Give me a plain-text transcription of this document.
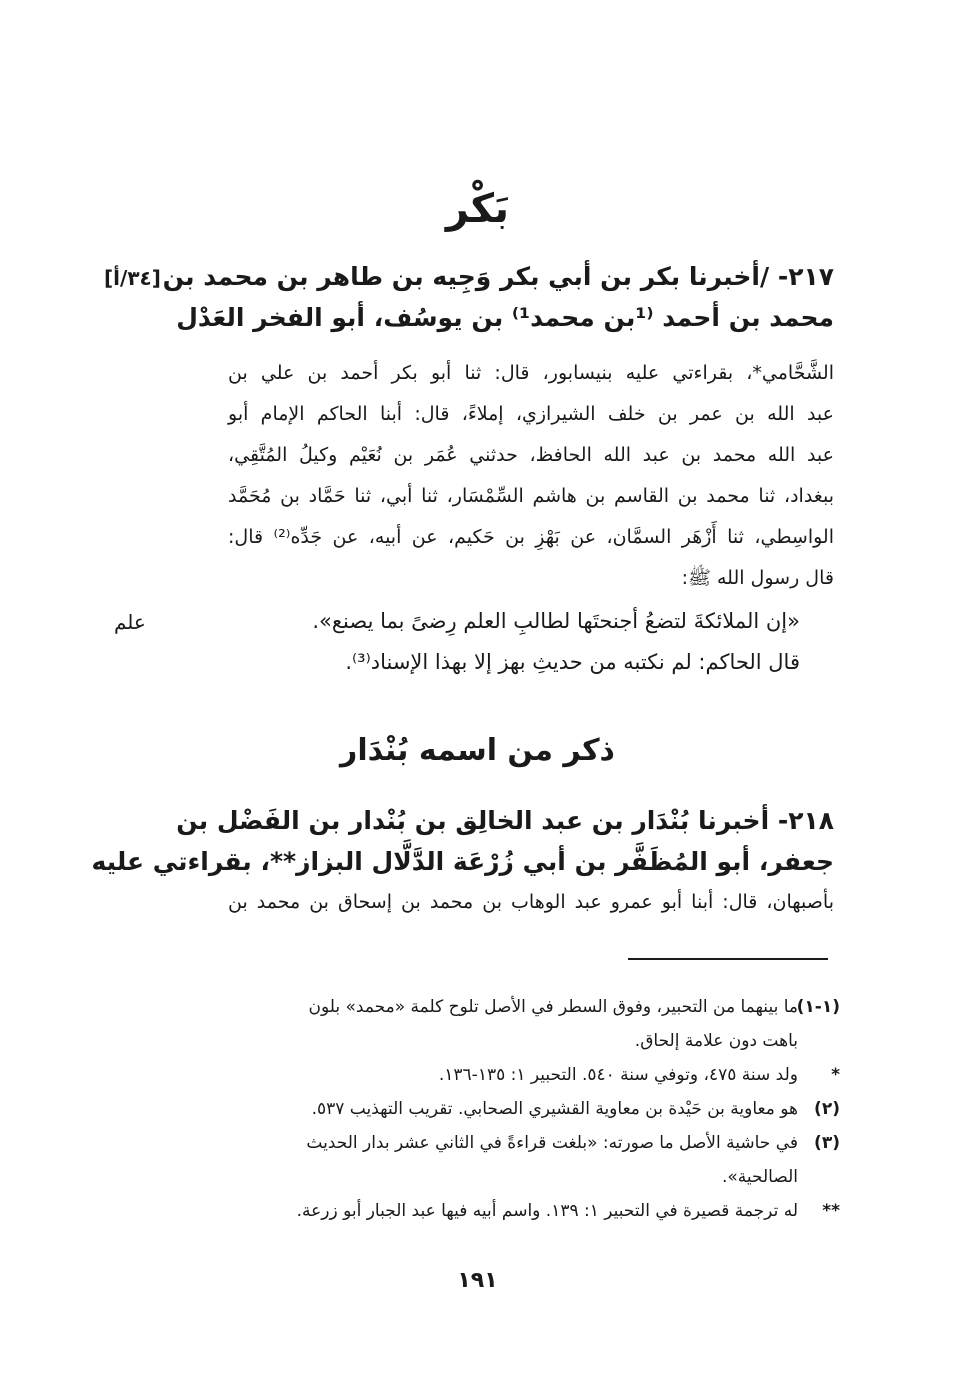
بَكْر
[٣٤/أ] ٢١٧- /أخبرنا بكر بن أبي بكر وَجِيه بن طاهر بن محمد بن
محمد بن أحمد ⁽¹بن محمد¹⁾ بن يوسُف، أبو الفخر العَدْل
الشَّحَّامي*، بقراءتي عليه بنيسابور، قال: ثنا أبو بكر أحمد بن علي بن
عبد الله بن عمر بن خلف الشيرازي، إملاءً، قال: أبنا الحاكم الإمام أبو
عبد الله محمد بن عبد الله الحافظ، حدثني عُمَر بن نُعَيْم وكيلُ المُتَّقِي،
ببغداد، ثنا محمد بن القاسم بن هاشم السِّمْسَار، ثنا أبي، ثنا حَمَّاد بن مُحَمَّد
الواسِطي، ثنا أَزْهَر السمَّان، عن بَهْزِ بن حَكيم، عن أبيه، عن جَدِّه⁽²⁾ قال:
قال رسول الله ﷺ:
علم	«إن الملائكةَ لتضعُ أجنحتَها لطالبِ العلم رِضىً بما يصنع».
قال الحاكم: لم نكتبه من حديثِ بهز إلا بهذا الإسناد⁽³⁾.
ذكر من اسمه بُنْدَار
٢١٨- أخبرنا بُنْدَار بن عبد الخالِق بن بُنْدار بن الفَضْل بن
جعفر، أبو المُظَفَّر بن أبي زُرْعَة الدَّلَّال البزاز**، بقراءتي عليه
بأصبهان، قال: أبنا أبو عمرو عبد الوهاب بن محمد بن إسحاق بن محمد بن
(١-١)
ما بينهما من التحبير، وفوق السطر في الأصل تلوح كلمة «محمد» بلون
باهت دون علامة إلحاق.
*
ولد سنة ٤٧٥، وتوفي سنة ٥٤٠. التحبير ١: ١٣٥-١٣٦.
(٢)
هو معاوية بن حَيْدة بن معاوية القشيري الصحابي. تقريب التهذيب ٥٣٧.
(٣)
في حاشية الأصل ما صورته: «بلغت قراءةً في الثاني عشر بدار الحديث
الصالحية».
**
له ترجمة قصيرة في التحبير ١: ١٣٩. واسم أبيه فيها عبد الجبار أبو زرعة.
١٩١
